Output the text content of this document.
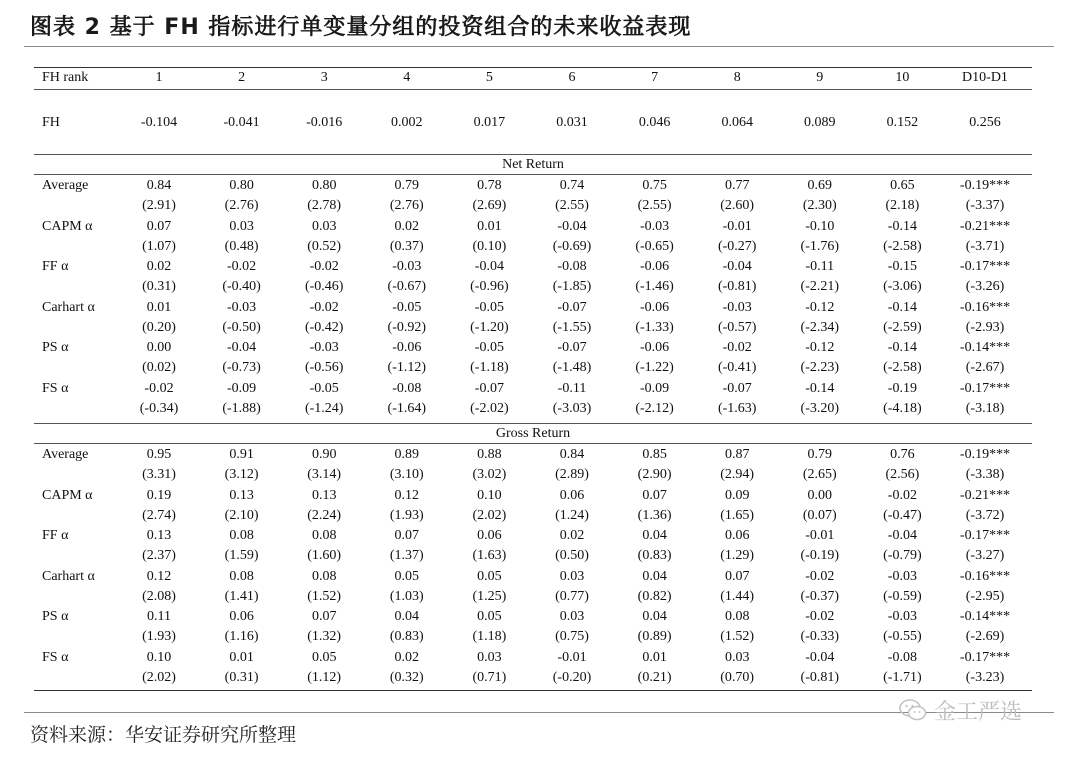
图表 2 基于 FH 指标进行单变量分组的投资组合的未来收益表现
FH rank	1	2	3	4	5	6	7	8	9	10	D10-D1
FH	-0.104	-0.041	-0.016	0.002	0.017	0.031	0.046	0.064	0.089	0.152	0.256
Net Return
Average	0.84	0.80	0.80	0.79	0.78	0.74	0.75	0.77	0.69	0.65	-0.19***
(2.91)	(2.76)	(2.78)	(2.76)	(2.69)	(2.55)	(2.55)	(2.60)	(2.30)	(2.18)	(-3.37)
CAPM α	0.07	0.03	0.03	0.02	0.01	-0.04	-0.03	-0.01	-0.10	-0.14	-0.21***
(1.07)	(0.48)	(0.52)	(0.37)	(0.10)	(-0.69)	(-0.65)	(-0.27)	(-1.76)	(-2.58)	(-3.71)
FF α	0.02	-0.02	-0.02	-0.03	-0.04	-0.08	-0.06	-0.04	-0.11	-0.15	-0.17***
(0.31)	(-0.40)	(-0.46)	(-0.67)	(-0.96)	(-1.85)	(-1.46)	(-0.81)	(-2.21)	(-3.06)	(-3.26)
Carhart α	0.01	-0.03	-0.02	-0.05	-0.05	-0.07	-0.06	-0.03	-0.12	-0.14	-0.16***
(0.20)	(-0.50)	(-0.42)	(-0.92)	(-1.20)	(-1.55)	(-1.33)	(-0.57)	(-2.34)	(-2.59)	(-2.93)
PS α	0.00	-0.04	-0.03	-0.06	-0.05	-0.07	-0.06	-0.02	-0.12	-0.14	-0.14***
(0.02)	(-0.73)	(-0.56)	(-1.12)	(-1.18)	(-1.48)	(-1.22)	(-0.41)	(-2.23)	(-2.58)	(-2.67)
FS α	-0.02	-0.09	-0.05	-0.08	-0.07	-0.11	-0.09	-0.07	-0.14	-0.19	-0.17***
(-0.34)	(-1.88)	(-1.24)	(-1.64)	(-2.02)	(-3.03)	(-2.12)	(-1.63)	(-3.20)	(-4.18)	(-3.18)
Gross Return
Average	0.95	0.91	0.90	0.89	0.88	0.84	0.85	0.87	0.79	0.76	-0.19***
(3.31)	(3.12)	(3.14)	(3.10)	(3.02)	(2.89)	(2.90)	(2.94)	(2.65)	(2.56)	(-3.38)
CAPM α	0.19	0.13	0.13	0.12	0.10	0.06	0.07	0.09	0.00	-0.02	-0.21***
(2.74)	(2.10)	(2.24)	(1.93)	(2.02)	(1.24)	(1.36)	(1.65)	(0.07)	(-0.47)	(-3.72)
FF α	0.13	0.08	0.08	0.07	0.06	0.02	0.04	0.06	-0.01	-0.04	-0.17***
(2.37)	(1.59)	(1.60)	(1.37)	(1.63)	(0.50)	(0.83)	(1.29)	(-0.19)	(-0.79)	(-3.27)
Carhart α	0.12	0.08	0.08	0.05	0.05	0.03	0.04	0.07	-0.02	-0.03	-0.16***
(2.08)	(1.41)	(1.52)	(1.03)	(1.25)	(0.77)	(0.82)	(1.44)	(-0.37)	(-0.59)	(-2.95)
PS α	0.11	0.06	0.07	0.04	0.05	0.03	0.04	0.08	-0.02	-0.03	-0.14***
(1.93)	(1.16)	(1.32)	(0.83)	(1.18)	(0.75)	(0.89)	(1.52)	(-0.33)	(-0.55)	(-2.69)
FS α	0.10	0.01	0.05	0.02	0.03	-0.01	0.01	0.03	-0.04	-0.08	-0.17***
(2.02)	(0.31)	(1.12)	(0.32)	(0.71)	(-0.20)	(0.21)	(0.70)	(-0.81)	(-1.71)	(-3.23)
资料来源：华安证券研究所整理
金工严选
